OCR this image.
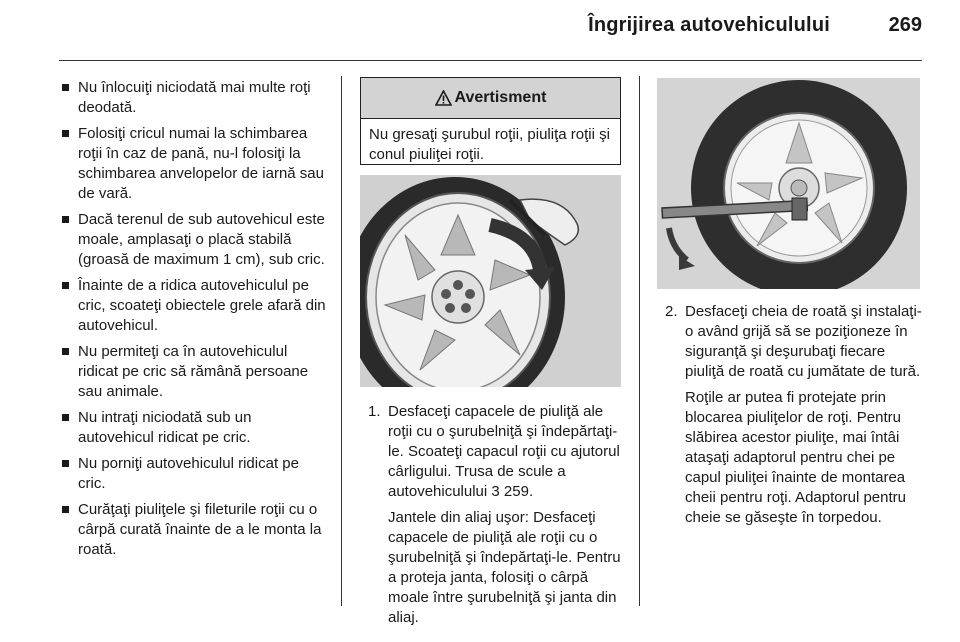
Îngrijirea autovehiculului	269
Nu înlocuiţi niciodată mai multe roţi deodată.
Folosiţi cricul numai la schimbarea roţii în caz de pană, nu-l folosiţi la schimbarea anvelopelor de iarnă sau de vară.
Dacă terenul de sub autovehicul este moale, amplasaţi o placă stabilă (groasă de maximum 1 cm), sub cric.
Înainte de a ridica autovehiculul pe cric, scoateţi obiectele grele afară din autovehicul.
Nu permiteţi ca în autovehiculul ridicat pe cric să rămână persoane sau animale.
Nu intraţi niciodată sub un autovehicul ridicat pe cric.
Nu porniţi autovehiculul ridicat pe cric.
Curăţaţi piuliţele şi fileturile roţii cu o cârpă curată înainte de a le monta la roată.
Avertisment
Nu gresaţi şurubul roţii, piuliţa roţii şi conul piuliţei roţii.
1. Desfaceţi capacele de piuliţă ale roţii cu o şurubelniţă şi îndepărtaţi-le. Scoateţi capacul roţii cu ajutorul cârligului. Trusa de scule a autovehiculului 3 259.

Jantele din aliaj uşor: Desfaceţi capacele de piuliţă ale roţii cu o şurubelniţă şi îndepărtaţi-le. Pentru a proteja janta, folosiţi o cârpă moale între şurubelniţă şi janta din aliaj.

2. Desfaceţi cheia de roată şi instalaţi-o având grijă să se poziţioneze în siguranţă şi deşurubaţi fiecare piuliţă de roată cu jumătate de tură.

Roţile ar putea fi protejate prin blocarea piuliţelor de roţi. Pentru slăbirea acestor piuliţe, mai întâi ataşaţi adaptorul pentru chei pe capul piuliţei înainte de montarea cheii pentru roţi. Adaptorul pentru cheie se găseşte în torpedou.
